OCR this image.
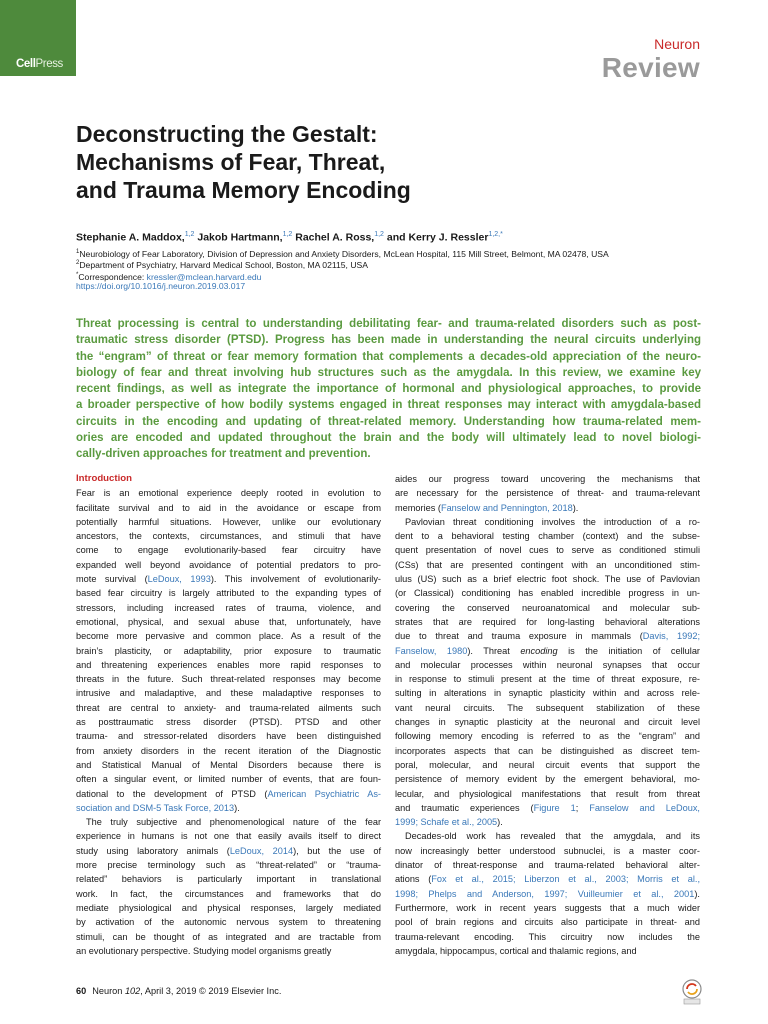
CellPress
Neuron
Review
Deconstructing the Gestalt:
Mechanisms of Fear, Threat,
and Trauma Memory Encoding
Stephanie A. Maddox,$^{1,2}$ Jakob Hartmann,$^{1,2}$ Rachel A. Ross,$^{1,2}$ and Kerry J. Ressler$^{1,2,*}$
$^1$Neurobiology of Fear Laboratory, Division of Depression and Anxiety Disorders, McLean Hospital, 115 Mill Street, Belmont, MA 02478, USA
$^2$Department of Psychiatry, Harvard Medical School, Boston, MA 02115, USA
*Correspondence: kressler@mclean.harvard.edu
https://doi.org/10.1016/j.neuron.2019.03.017
Threat processing is central to understanding debilitating fear- and trauma-related disorders such as post-
traumatic stress disorder (PTSD). Progress has been made in understanding the neural circuits underlying
the “engram” of threat or fear memory formation that complements a decades-old appreciation of the neuro-
biology of fear and threat involving hub structures such as the amygdala. In this review, we examine key
recent findings, as well as integrate the importance of hormonal and physiological approaches, to provide
a broader perspective of how bodily systems engaged in threat responses may interact with amygdala-based
circuits in the encoding and updating of threat-related memory. Understanding how trauma-related mem-
ories are encoded and updated throughout the brain and the body will ultimately lead to novel biologi-
cally-driven approaches for treatment and prevention.
Introduction
Fear is an emotional experience deeply rooted in evolution to
facilitate survival and to aid in the avoidance or escape from
potentially harmful situations. However, unlike our evolutionary
ancestors, the contexts, circumstances, and stimuli that have
come to engage evolutionarily-based fear circuitry have
expanded well beyond avoidance of potential predators to pro-
mote survival (LeDoux, 1993). This involvement of evolutionarily-
based fear circuitry is largely attributed to the expanding types of
stressors, including increased rates of trauma, violence, and
emotional, physical, and sexual abuse that, unfortunately, have
become more pervasive and common place. As a result of the
brain’s plasticity, or adaptability, prior exposure to traumatic
and threatening experiences enables more rapid responses to
threats in the future. Such threat-related responses may become
intrusive and maladaptive, and these maladaptive responses to
threat are central to anxiety- and trauma-related ailments such
as posttraumatic stress disorder (PTSD). PTSD and other
trauma- and stressor-related disorders have been distinguished
from anxiety disorders in the recent iteration of the Diagnostic
and Statistical Manual of Mental Disorders because there is
often a singular event, or limited number of events, that are foun-
dational to the development of PTSD (American Psychiatric As-
sociation and DSM-5 Task Force, 2013).
The truly subjective and phenomenological nature of the fear
experience in humans is not one that easily avails itself to direct
study using laboratory animals (LeDoux, 2014), but the use of
more precise terminology such as “threat-related” or “trauma-
related” behaviors is particularly important in translational
work. In fact, the circumstances and frameworks that do
mediate physiological and physical responses, largely mediated
by activation of the autonomic nervous system to threatening
stimuli, can be thought of as integrated and are tractable from
an evolutionary perspective. Studying model organisms greatly
aides our progress toward uncovering the mechanisms that
are necessary for the persistence of threat- and trauma-relevant
memories (Fanselow and Pennington, 2018).
Pavlovian threat conditioning involves the introduction of a ro-
dent to a behavioral testing chamber (context) and the subse-
quent presentation of novel cues to serve as conditioned stimuli
(CSs) that are presented contingent with an unconditioned stim-
ulus (US) such as a brief electric foot shock. The use of Pavlovian
(or Classical) conditioning has enabled incredible progress in un-
covering the conserved neuroanatomical and molecular sub-
strates that are required for long-lasting behavioral alterations
due to threat and trauma exposure in mammals (Davis, 1992;
Fanselow, 1980). Threat encoding is the initiation of cellular
and molecular processes within neuronal synapses that occur
in response to stimuli present at the time of threat exposure, re-
sulting in alterations in synaptic plasticity within and across rele-
vant neural circuits. The subsequent stabilization of these
changes in synaptic plasticity at the neuronal and circuit level
following memory encoding is referred to as the “engram” and
incorporates aspects that can be distinguished as discreet tem-
poral, molecular, and neural circuit events that support the
persistence of memory evident by the emergent behavioral, mo-
lecular, and physiological manifestations that result from threat
and traumatic experiences (Figure 1; Fanselow and LeDoux,
1999; Schafe et al., 2005).
Decades-old work has revealed that the amygdala, and its
now increasingly better understood subnuclei, is a master coor-
dinator of threat-response and trauma-related behavioral alter-
ations (Fox et al., 2015; Liberzon et al., 2003; Morris et al.,
1998; Phelps and Anderson, 1997; Vuilleumier et al., 2001).
Furthermore, work in recent years suggests that a much wider
pool of brain regions and circuits also participate in threat- and
trauma-relevant encoding. This circuitry now includes the
amygdala, hippocampus, cortical and thalamic regions, and
60 Neuron 102, April 3, 2019 © 2019 Elsevier Inc.
